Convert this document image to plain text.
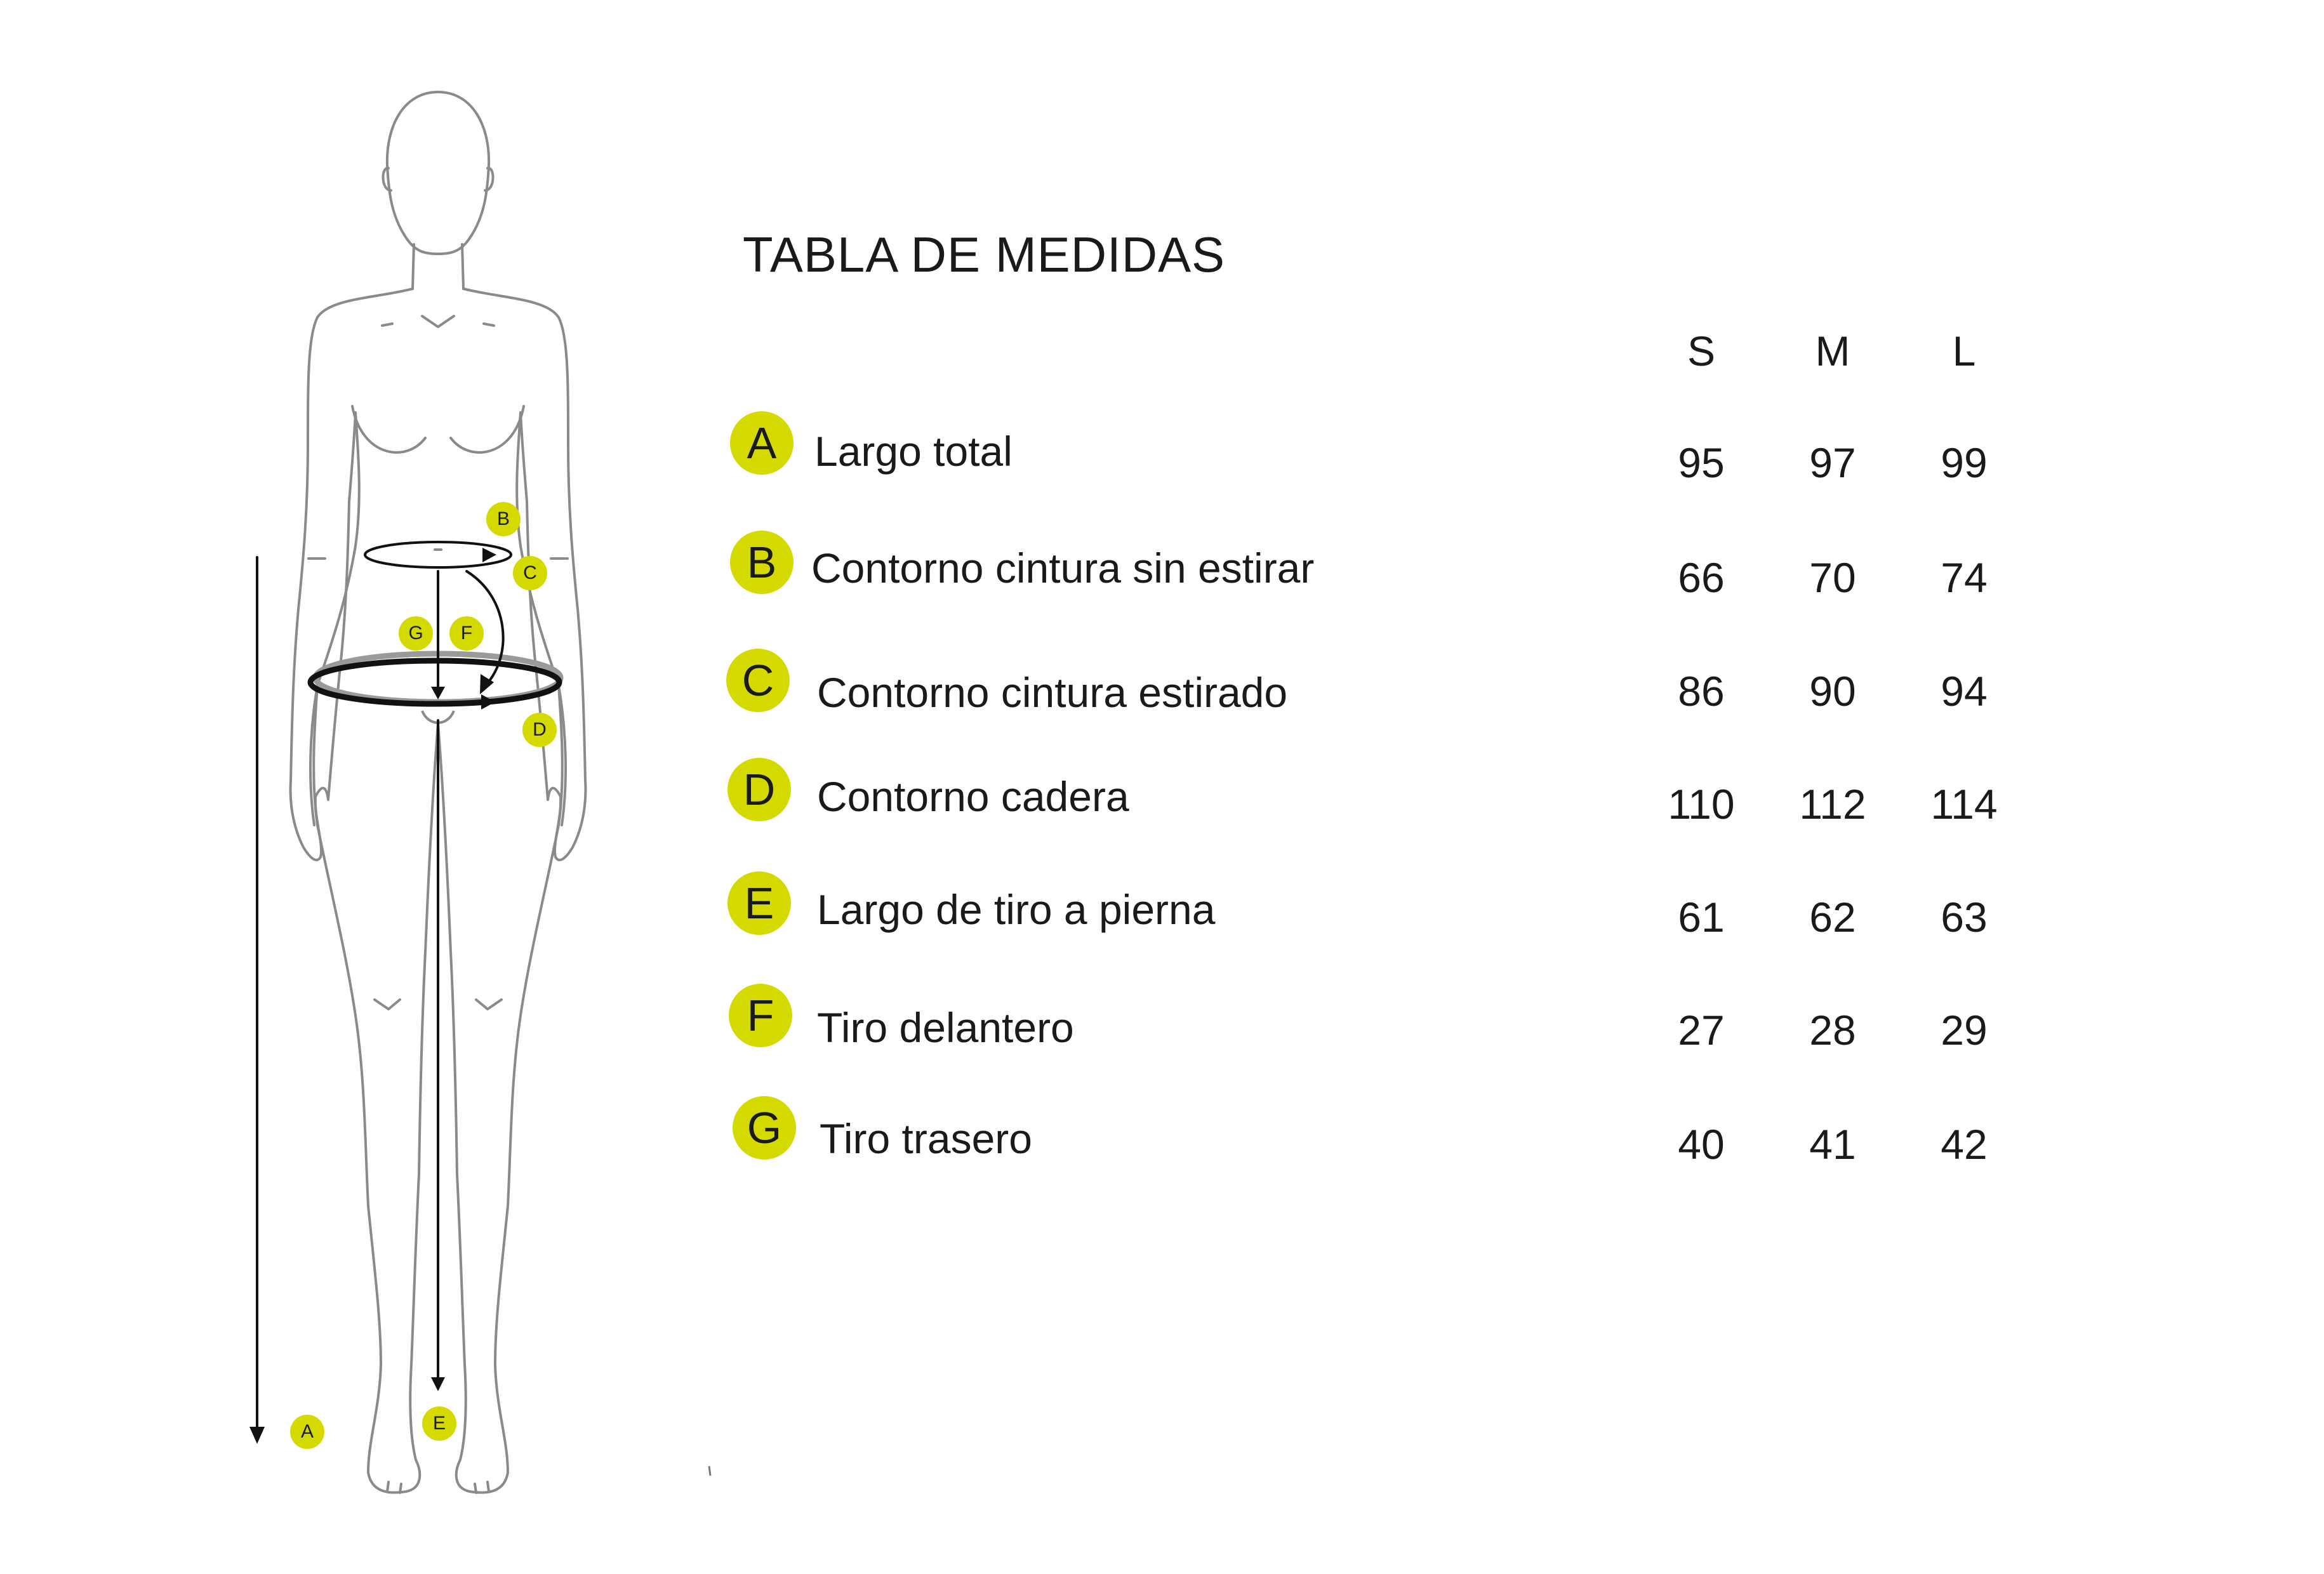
A
B
C
D
E
F
G
TABLA DE MEDIDAS
S	M	L
A Largo total	95	97	99
B Contorno cintura sin estirar	66	70	74
C	Contorno cintura estirado	86	90	94
D Contorno cadera	110	112	114
E	Largo de tiro a pierna	61	62	63
F	Tiro delantero	27	28	29
G Tiro trasero	40	41	42
